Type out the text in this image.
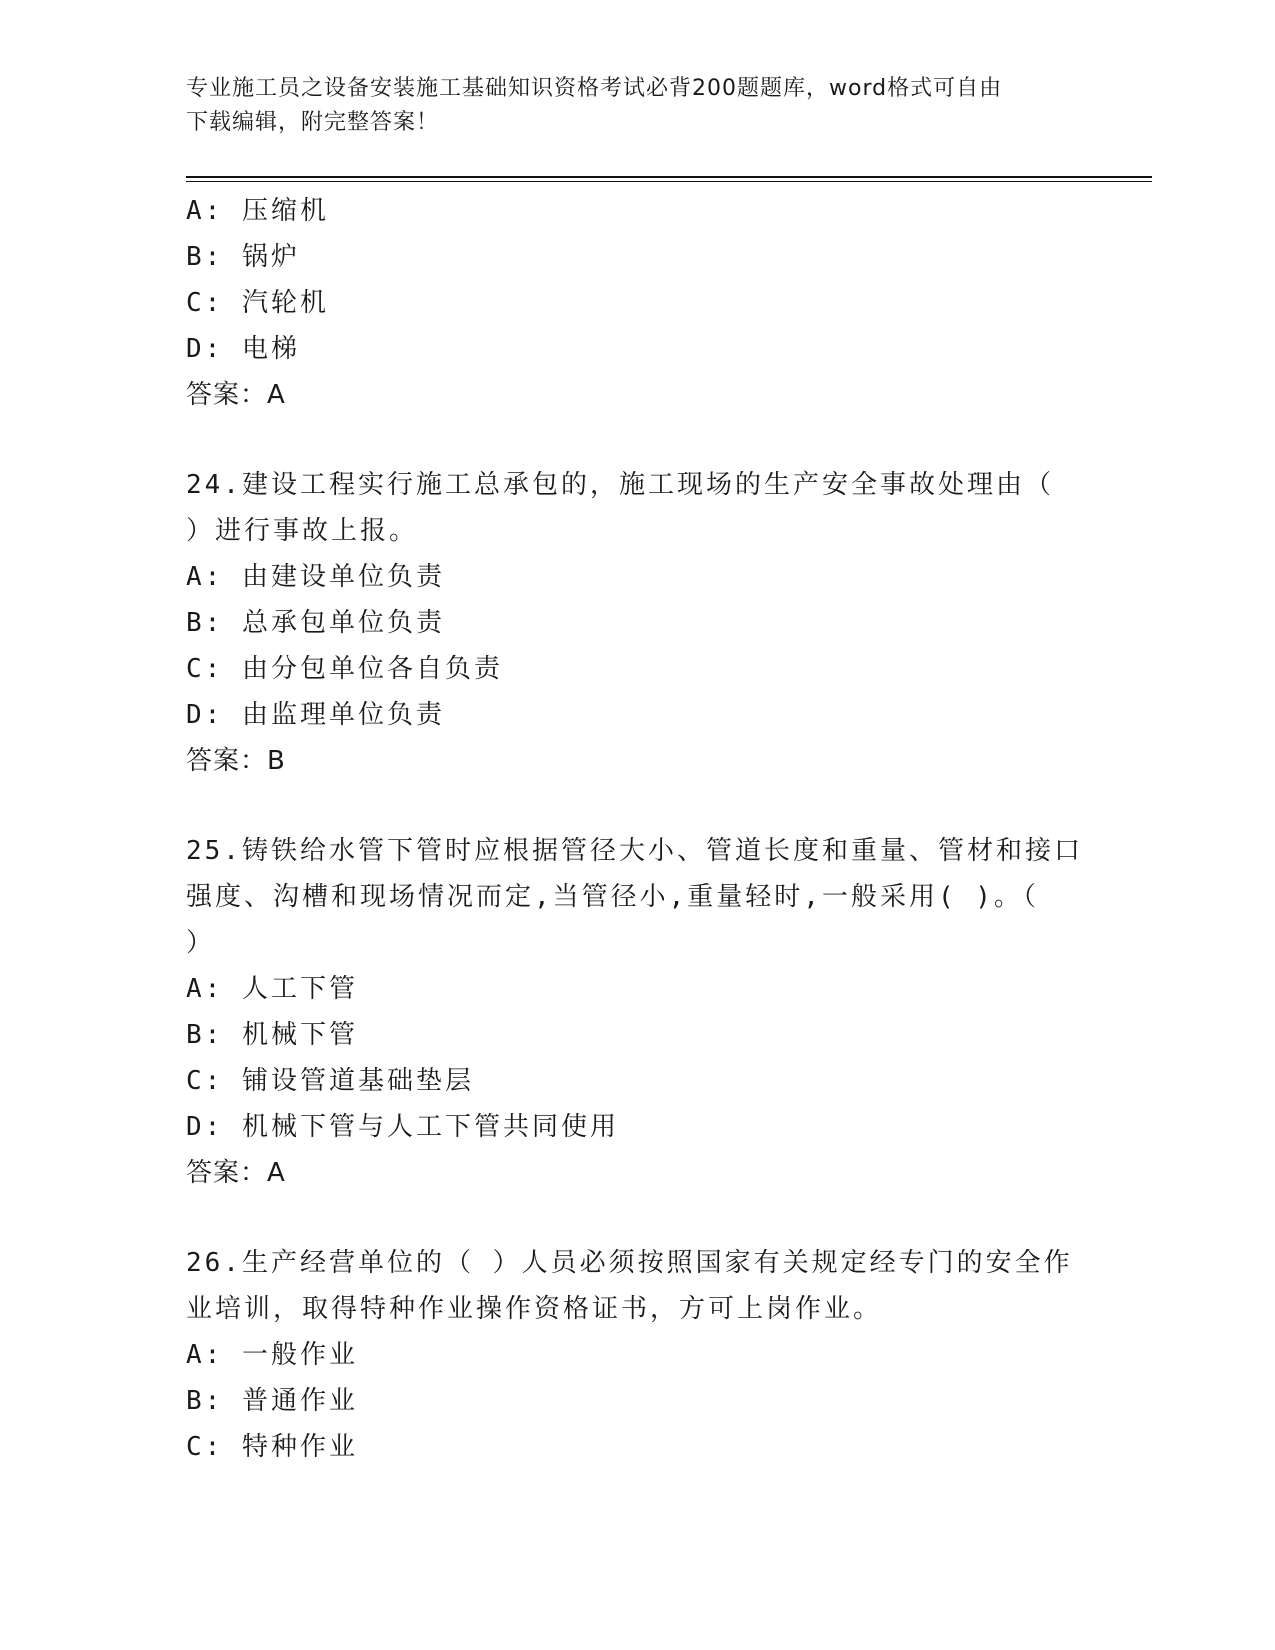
专业施工员之设备安装施工基础知识资格考试必背200题题库，word格式可自由
下载编辑，附完整答案！
A: 压缩机
B: 锅炉
C: 汽轮机
D: 电梯
答案：A
24.建设工程实行施工总承包的，施工现场的生产安全事故处理由（
）进行事故上报。
A: 由建设单位负责
B: 总承包单位负责
C: 由分包单位各自负责
D: 由监理单位负责
答案：B
25.铸铁给水管下管时应根据管径大小、管道长度和重量、管材和接口
强度、沟槽和现场情况而定,当管径小,重量轻时,一般采用( )。（
）
A: 人工下管
B: 机械下管
C: 铺设管道基础垫层
D: 机械下管与人工下管共同使用
答案：A
26.生产经营单位的（ ）人员必须按照国家有关规定经专门的安全作
业培训，取得特种作业操作资格证书，方可上岗作业。
A: 一般作业
B: 普通作业
C: 特种作业
